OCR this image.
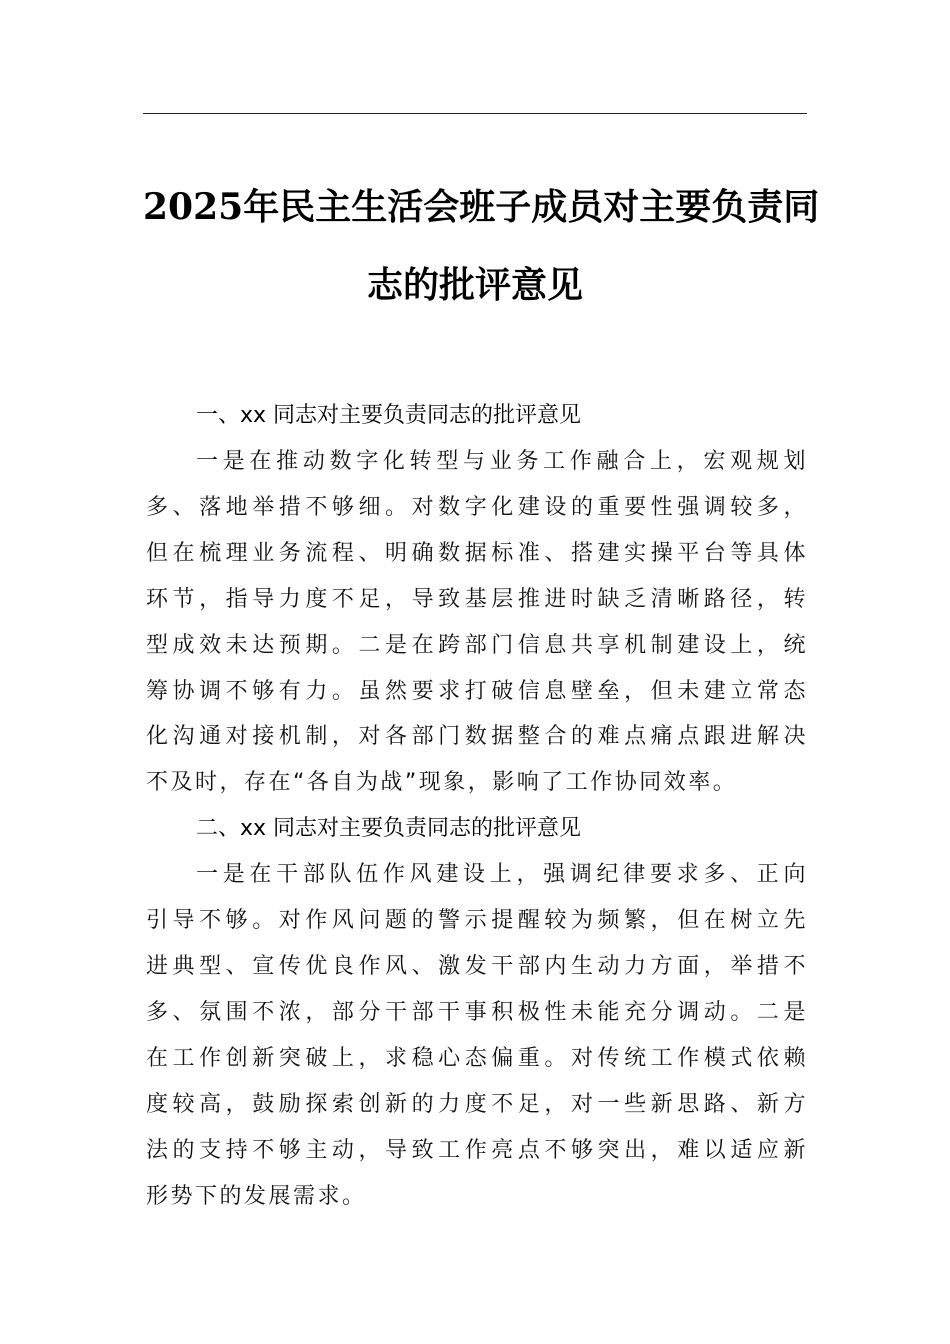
2025年民主生活会班子成员对主要负责同
志的批评意见

一、xx 同志对主要负责同志的批评意见

一是在推动数字化转型与业务工作融合上，宏观规划
多、落地举措不够细。对数字化建设的重要性强调较多，
但在梳理业务流程、明确数据标准、搭建实操平台等具体
环节，指导力度不足，导致基层推进时缺乏清晰路径，转
型成效未达预期。二是在跨部门信息共享机制建设上，统
筹协调不够有力。虽然要求打破信息壁垒，但未建立常态
化沟通对接机制，对各部门数据整合的难点痛点跟进解决
不及时，存在“各自为战”现象，影响了工作协同效率。

二、xx 同志对主要负责同志的批评意见

一是在干部队伍作风建设上，强调纪律要求多、正向
引导不够。对作风问题的警示提醒较为频繁，但在树立先
进典型、宣传优良作风、激发干部内生动力方面，举措不
多、氛围不浓，部分干部干事积极性未能充分调动。二是
在工作创新突破上，求稳心态偏重。对传统工作模式依赖
度较高，鼓励探索创新的力度不足，对一些新思路、新方
法的支持不够主动，导致工作亮点不够突出，难以适应新
形势下的发展需求。
